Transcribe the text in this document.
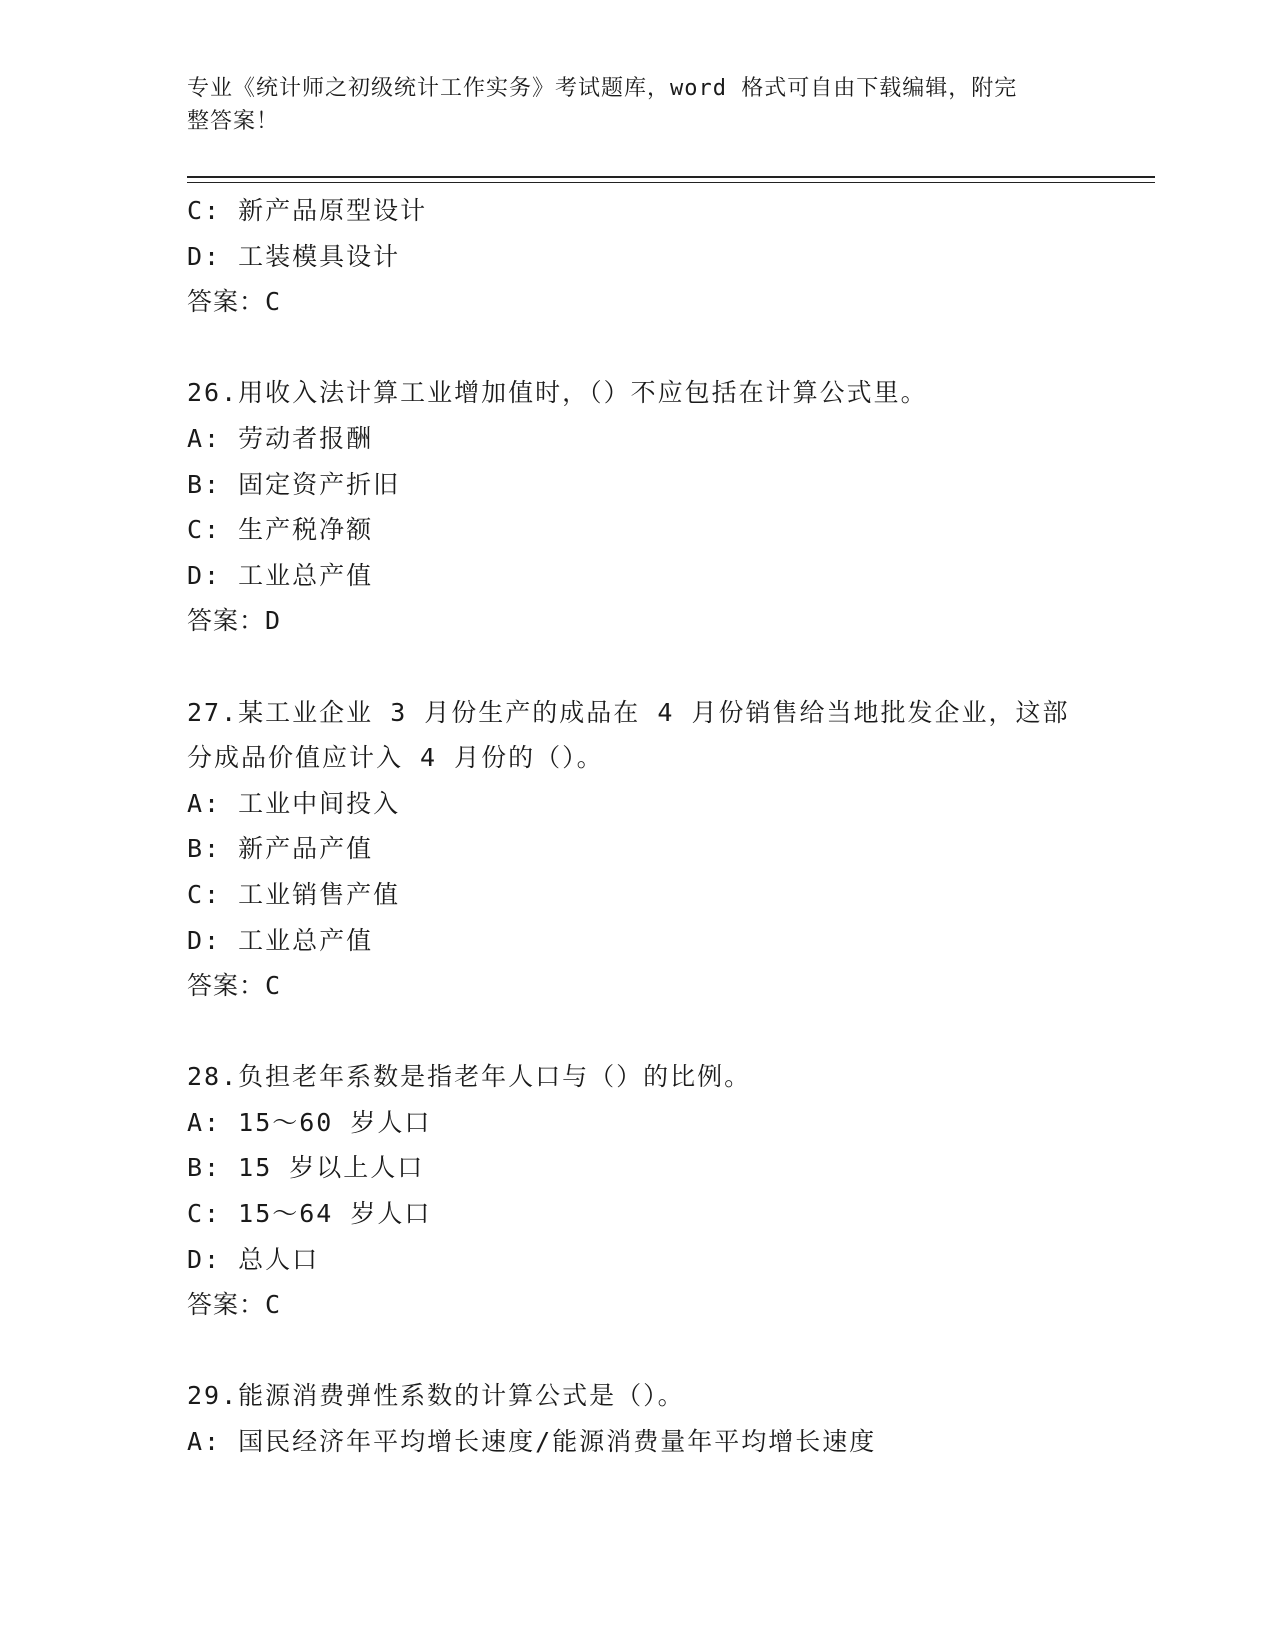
专业《统计师之初级统计工作实务》考试题库，word 格式可自由下载编辑，附完
整答案！
C: 新产品原型设计
D: 工装模具设计
答案：C
26.用收入法计算工业增加值时，（）不应包括在计算公式里。
A: 劳动者报酬
B: 固定资产折旧
C: 生产税净额
D: 工业总产值
答案：D
27.某工业企业 3 月份生产的成品在 4 月份销售给当地批发企业，这部
分成品价值应计入 4 月份的（）。
A: 工业中间投入
B: 新产品产值
C: 工业销售产值
D: 工业总产值
答案：C
28.负担老年系数是指老年人口与（）的比例。
A: 15～60 岁人口
B: 15 岁以上人口
C: 15～64 岁人口
D: 总人口
答案：C
29.能源消费弹性系数的计算公式是（）。
A: 国民经济年平均增长速度/能源消费量年平均增长速度
